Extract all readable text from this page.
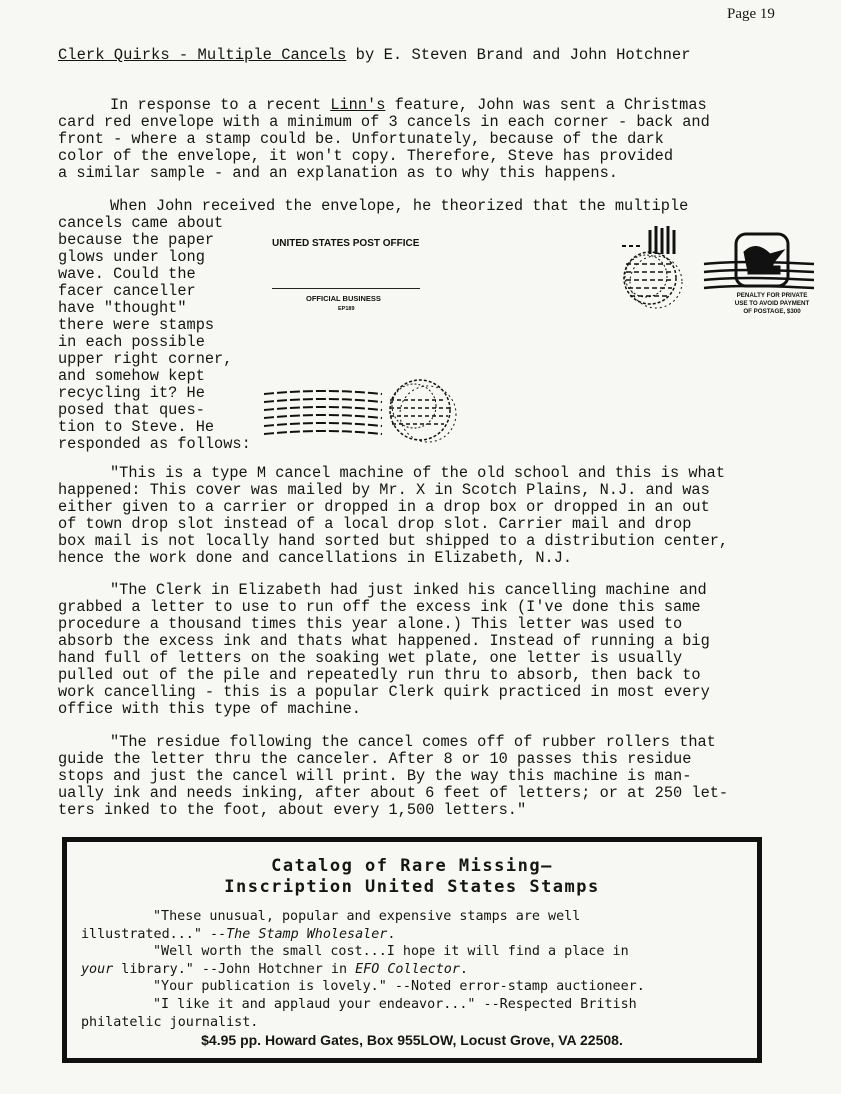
Page 19
Clerk Quirks - Multiple Cancels by E. Steven Brand and John Hotchner
In response to a recent Linn's feature, John was sent a Christmas
card red envelope with a minimum of 3 cancels in each corner - back and
front - where a stamp could be. Unfortunately, because of the dark
color of the envelope, it won't copy. Therefore, Steve has provided
a similar sample - and an explanation as to why this happens.
When John received the envelope, he theorized that the multiple
cancels came about
because the paper
glows under long
wave. Could the
facer canceller
have "thought"
there were stamps
in each possible
upper right corner,
and somehow kept
recycling it? He
posed that ques-
tion to Steve. He
responded as follows:
UNITED STATES POST OFFICE
OFFICIAL BUSINESS
EP189
PENALTY FOR PRIVATE
USE TO AVOID PAYMENT
OF POSTAGE, $300
"This is a type M cancel machine of the old school and this is what
happened: This cover was mailed by Mr. X in Scotch Plains, N.J. and was
either given to a carrier or dropped in a drop box or dropped in an out
of town drop slot instead of a local drop slot. Carrier mail and drop
box mail is not locally hand sorted but shipped to a distribution center,
hence the work done and cancellations in Elizabeth, N.J.
"The Clerk in Elizabeth had just inked his cancelling machine and
grabbed a letter to use to run off the excess ink (I've done this same
procedure a thousand times this year alone.) This letter was used to
absorb the excess ink and thats what happened. Instead of running a big
hand full of letters on the soaking wet plate, one letter is usually
pulled out of the pile and repeatedly run thru to absorb, then back to
work cancelling - this is a popular Clerk quirk practiced in most every
office with this type of machine.
"The residue following the cancel comes off of rubber rollers that
guide the letter thru the canceler. After 8 or 10 passes this residue
stops and just the cancel will print. By the way this machine is man-
ually ink and needs inking, after about 6 feet of letters; or at 250 let-
ters inked to the foot, about every 1,500 letters."
Catalog of Rare Missing—
Inscription United States Stamps
"These unusual, popular and expensive stamps are well
illustrated..." --The Stamp Wholesaler.
"Well worth the small cost...I hope it will find a place in
your library." --John Hotchner in EFO Collector.
"Your publication is lovely." --Noted error-stamp auctioneer.
"I like it and applaud your endeavor..." --Respected British
philatelic journalist.
$4.95 pp. Howard Gates, Box 955LOW, Locust Grove, VA 22508.
